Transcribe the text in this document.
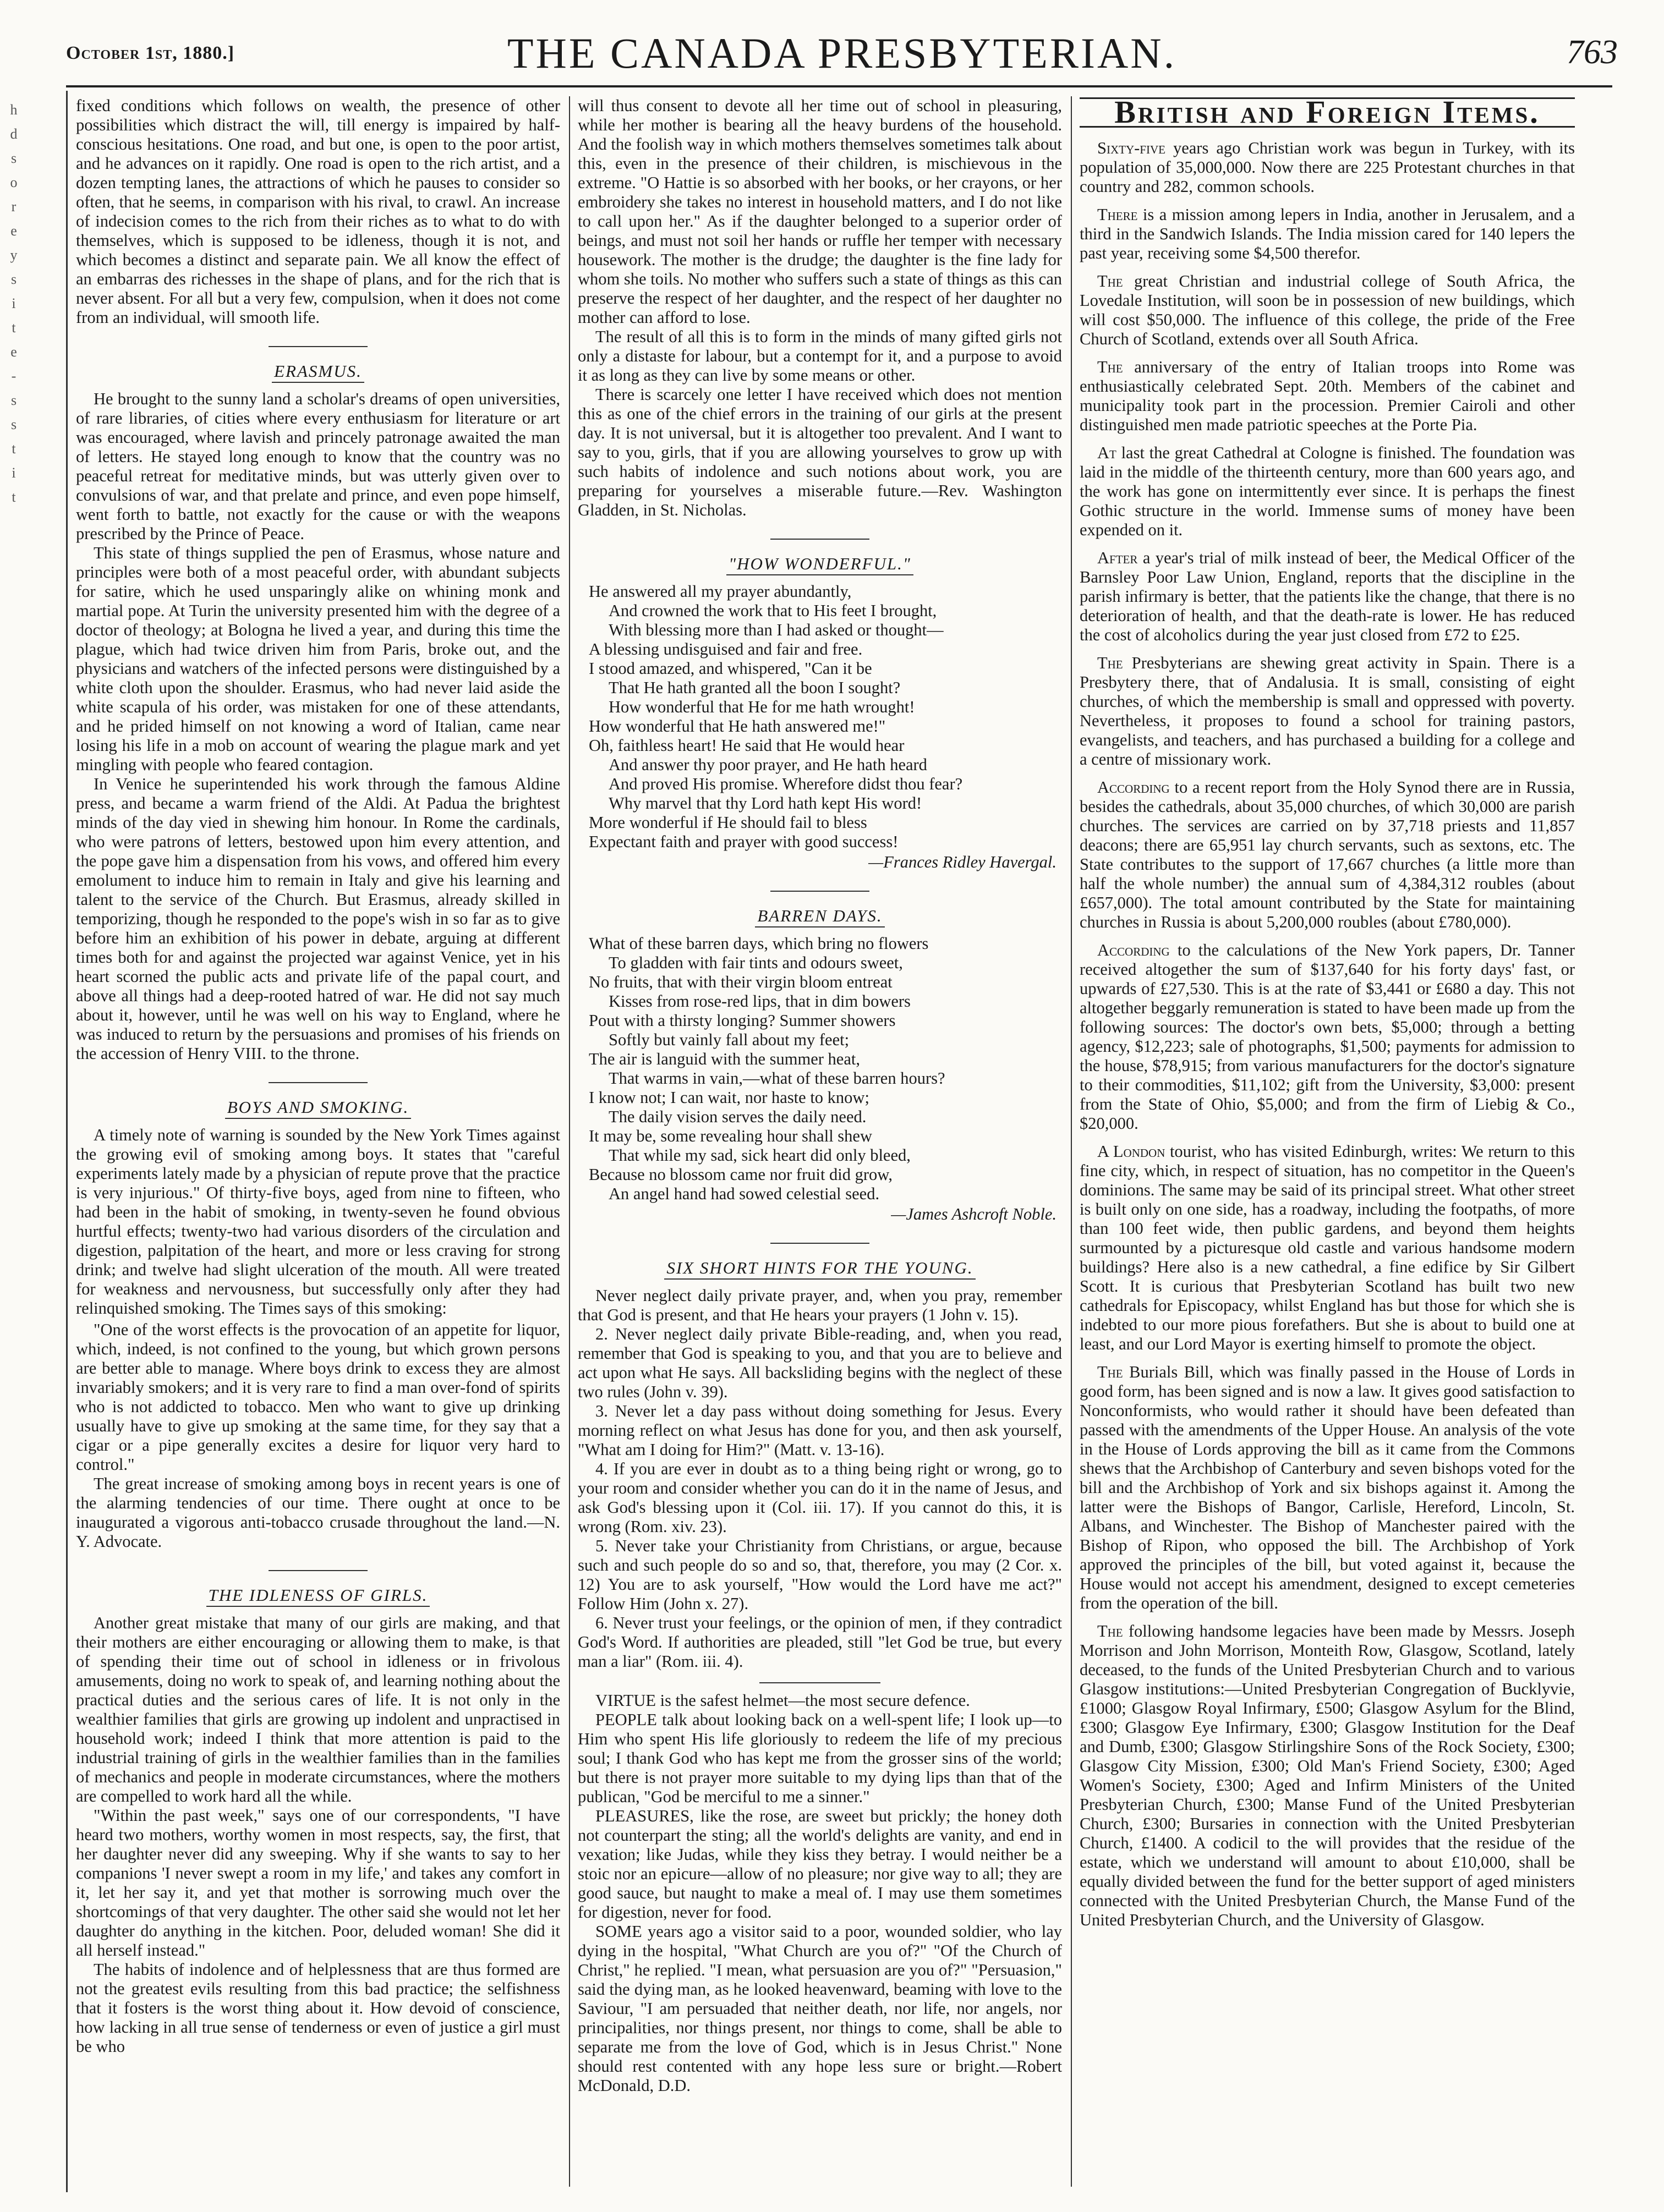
h
d
s
o
r
e
y
s
i
t
e
-
s
s
t
i
t
October 1st, 1880.]	THE CANADA PRESBYTERIAN.	763

fixed conditions which follows on wealth, the presence of other possibilities which distract the will, till energy is impaired by half-conscious hesitations. One road, and but one, is open to the poor artist, and he advances on it rapidly. One road is open to the rich artist, and a dozen tempting lanes, the attractions of which he pauses to consider so often, that he seems, in comparison with his rival, to crawl. An increase of indecision comes to the rich from their riches as to what to do with themselves, which is supposed to be idleness, though it is not, and which becomes a distinct and separate pain. We all know the effect of an embarras des richesses in the shape of plans, and for the rich that is never absent. For all but a very few, compulsion, when it does not come from an individual, will smooth life.

ERASMUS.

He brought to the sunny land a scholar's dreams of open universities, of rare libraries, of cities where every enthusiasm for literature or art was encouraged, where lavish and princely patronage awaited the man of letters. He stayed long enough to know that the country was no peaceful retreat for meditative minds, but was utterly given over to convulsions of war, and that prelate and prince, and even pope himself, went forth to battle, not exactly for the cause or with the weapons prescribed by the Prince of Peace.

This state of things supplied the pen of Erasmus, whose nature and principles were both of a most peaceful order, with abundant subjects for satire, which he used unsparingly alike on whining monk and martial pope. At Turin the university presented him with the degree of a doctor of theology; at Bologna he lived a year, and during this time the plague, which had twice driven him from Paris, broke out, and the physicians and watchers of the infected persons were distinguished by a white cloth upon the shoulder. Erasmus, who had never laid aside the white scapula of his order, was mistaken for one of these attendants, and he prided himself on not knowing a word of Italian, came near losing his life in a mob on account of wearing the plague mark and yet mingling with people who feared contagion.

In Venice he superintended his work through the famous Aldine press, and became a warm friend of the Aldi. At Padua the brightest minds of the day vied in shewing him honour. In Rome the cardinals, who were patrons of letters, bestowed upon him every attention, and the pope gave him a dispensation from his vows, and offered him every emolument to induce him to remain in Italy and give his learning and talent to the service of the Church. But Erasmus, already skilled in temporizing, though he responded to the pope's wish in so far as to give before him an exhibition of his power in debate, arguing at different times both for and against the projected war against Venice, yet in his heart scorned the public acts and private life of the papal court, and above all things had a deep-rooted hatred of war. He did not say much about it, however, until he was well on his way to England, where he was induced to return by the persuasions and promises of his friends on the accession of Henry VIII. to the throne.

BOYS AND SMOKING.

A timely note of warning is sounded by the New York Times against the growing evil of smoking among boys. It states that "careful experiments lately made by a physician of repute prove that the practice is very injurious." Of thirty-five boys, aged from nine to fifteen, who had been in the habit of smoking, in twenty-seven he found obvious hurtful effects; twenty-two had various disorders of the circulation and digestion, palpitation of the heart, and more or less craving for strong drink; and twelve had slight ulceration of the mouth. All were treated for weakness and nervousness, but successfully only after they had relinquished smoking. The Times says of this smoking:

"One of the worst effects is the provocation of an appetite for liquor, which, indeed, is not confined to the young, but which grown persons are better able to manage. Where boys drink to excess they are almost invariably smokers; and it is very rare to find a man over-fond of spirits who is not addicted to tobacco. Men who want to give up drinking usually have to give up smoking at the same time, for they say that a cigar or a pipe generally excites a desire for liquor very hard to control."

The great increase of smoking among boys in recent years is one of the alarming tendencies of our time. There ought at once to be inaugurated a vigorous anti-tobacco crusade throughout the land.—N. Y. Advocate.

THE IDLENESS OF GIRLS.

Another great mistake that many of our girls are making, and that their mothers are either encouraging or allowing them to make, is that of spending their time out of school in idleness or in frivolous amusements, doing no work to speak of, and learning nothing about the practical duties and the serious cares of life. It is not only in the wealthier families that girls are growing up indolent and unpractised in household work; indeed I think that more attention is paid to the industrial training of girls in the wealthier families than in the families of mechanics and people in moderate circumstances, where the mothers are compelled to work hard all the while.

"Within the past week," says one of our correspondents, "I have heard two mothers, worthy women in most respects, say, the first, that her daughter never did any sweeping. Why if she wants to say to her companions 'I never swept a room in my life,' and takes any comfort in it, let her say it, and yet that mother is sorrowing much over the shortcomings of that very daughter. The other said she would not let her daughter do anything in the kitchen. Poor, deluded woman! She did it all herself instead."

The habits of indolence and of helplessness that are thus formed are not the greatest evils resulting from this bad practice; the selfishness that it fosters is the worst thing about it. How devoid of conscience, how lacking in all true sense of tenderness or even of justice a girl must be who

will thus consent to devote all her time out of school in pleasuring, while her mother is bearing all the heavy burdens of the household. And the foolish way in which mothers themselves sometimes talk about this, even in the presence of their children, is mischievous in the extreme. "O Hattie is so absorbed with her books, or her crayons, or her embroidery she takes no interest in household matters, and I do not like to call upon her." As if the daughter belonged to a superior order of beings, and must not soil her hands or ruffle her temper with necessary housework. The mother is the drudge; the daughter is the fine lady for whom she toils. No mother who suffers such a state of things as this can preserve the respect of her daughter, and the respect of her daughter no mother can afford to lose.

The result of all this is to form in the minds of many gifted girls not only a distaste for labour, but a contempt for it, and a purpose to avoid it as long as they can live by some means or other.

There is scarcely one letter I have received which does not mention this as one of the chief errors in the training of our girls at the present day. It is not universal, but it is altogether too prevalent. And I want to say to you, girls, that if you are allowing yourselves to grow up with such habits of indolence and such notions about work, you are preparing for yourselves a miserable future.—Rev. Washington Gladden, in St. Nicholas.

"HOW WONDERFUL."
He answered all my prayer abundantly,
And crowned the work that to His feet I brought,
With blessing more than I had asked or thought—
A blessing undisguised and fair and free.
I stood amazed, and whispered, "Can it be
That He hath granted all the boon I sought?
How wonderful that He for me hath wrought!
How wonderful that He hath answered me!"
Oh, faithless heart! He said that He would hear
And answer thy poor prayer, and He hath heard
And proved His promise. Wherefore didst thou fear?
Why marvel that thy Lord hath kept His word!
More wonderful if He should fail to bless
Expectant faith and prayer with good success!

—Frances Ridley Havergal.

BARREN DAYS.
What of these barren days, which bring no flowers
To gladden with fair tints and odours sweet,
No fruits, that with their virgin bloom entreat
Kisses from rose-red lips, that in dim bowers
Pout with a thirsty longing? Summer showers
Softly but vainly fall about my feet;
The air is languid with the summer heat,
That warms in vain,—what of these barren hours?
I know not; I can wait, nor haste to know;
The daily vision serves the daily need.
It may be, some revealing hour shall shew
That while my sad, sick heart did only bleed,
Because no blossom came nor fruit did grow,
An angel hand had sowed celestial seed.

—James Ashcroft Noble.

SIX SHORT HINTS FOR THE YOUNG.

Never neglect daily private prayer, and, when you pray, remember that God is present, and that He hears your prayers (1 John v. 15).

2. Never neglect daily private Bible-reading, and, when you read, remember that God is speaking to you, and that you are to believe and act upon what He says. All backsliding begins with the neglect of these two rules (John v. 39).

3. Never let a day pass without doing something for Jesus. Every morning reflect on what Jesus has done for you, and then ask yourself, "What am I doing for Him?" (Matt. v. 13-16).

4. If you are ever in doubt as to a thing being right or wrong, go to your room and consider whether you can do it in the name of Jesus, and ask God's blessing upon it (Col. iii. 17). If you cannot do this, it is wrong (Rom. xiv. 23).

5. Never take your Christianity from Christians, or argue, because such and such people do so and so, that, therefore, you may (2 Cor. x. 12) You are to ask yourself, "How would the Lord have me act?" Follow Him (John x. 27).

6. Never trust your feelings, or the opinion of men, if they contradict God's Word. If authorities are pleaded, still "let God be true, but every man a liar" (Rom. iii. 4).

VIRTUE is the safest helmet—the most secure defence.

PEOPLE talk about looking back on a well-spent life; I look up—to Him who spent His life gloriously to redeem the life of my precious soul; I thank God who has kept me from the grosser sins of the world; but there is not prayer more suitable to my dying lips than that of the publican, "God be merciful to me a sinner."

PLEASURES, like the rose, are sweet but prickly; the honey doth not counterpart the sting; all the world's delights are vanity, and end in vexation; like Judas, while they kiss they betray. I would neither be a stoic nor an epicure—allow of no pleasure; nor give way to all; they are good sauce, but naught to make a meal of. I may use them sometimes for digestion, never for food.

SOME years ago a visitor said to a poor, wounded soldier, who lay dying in the hospital, "What Church are you of?" "Of the Church of Christ," he replied. "I mean, what persuasion are you of?" "Persuasion," said the dying man, as he looked heavenward, beaming with love to the Saviour, "I am persuaded that neither death, nor life, nor angels, nor principalities, nor things present, nor things to come, shall be able to separate me from the love of God, which is in Jesus Christ." None should rest contented with any hope less sure or bright.—Robert McDonald, D.D.

British and Foreign Items.

Sixty-five years ago Christian work was begun in Turkey, with its population of 35,000,000. Now there are 225 Protestant churches in that country and 282, common schools.

There is a mission among lepers in India, another in Jerusalem, and a third in the Sandwich Islands. The India mission cared for 140 lepers the past year, receiving some $4,500 therefor.

The great Christian and industrial college of South Africa, the Lovedale Institution, will soon be in possession of new buildings, which will cost $50,000. The influence of this college, the pride of the Free Church of Scotland, extends over all South Africa.

The anniversary of the entry of Italian troops into Rome was enthusiastically celebrated Sept. 20th. Members of the cabinet and municipality took part in the procession. Premier Cairoli and other distinguished men made patriotic speeches at the Porte Pia.

At last the great Cathedral at Cologne is finished. The foundation was laid in the middle of the thirteenth century, more than 600 years ago, and the work has gone on intermittently ever since. It is perhaps the finest Gothic structure in the world. Immense sums of money have been expended on it.

After a year's trial of milk instead of beer, the Medical Officer of the Barnsley Poor Law Union, England, reports that the discipline in the parish infirmary is better, that the patients like the change, that there is no deterioration of health, and that the death-rate is lower. He has reduced the cost of alcoholics during the year just closed from £72 to £25.

The Presbyterians are shewing great activity in Spain. There is a Presbytery there, that of Andalusia. It is small, consisting of eight churches, of which the membership is small and oppressed with poverty. Nevertheless, it proposes to found a school for training pastors, evangelists, and teachers, and has purchased a building for a college and a centre of missionary work.

According to a recent report from the Holy Synod there are in Russia, besides the cathedrals, about 35,000 churches, of which 30,000 are parish churches. The services are carried on by 37,718 priests and 11,857 deacons; there are 65,951 lay church servants, such as sextons, etc. The State contributes to the support of 17,667 churches (a little more than half the whole number) the annual sum of 4,384,312 roubles (about £657,000). The total amount contributed by the State for maintaining churches in Russia is about 5,200,000 roubles (about £780,000).

According to the calculations of the New York papers, Dr. Tanner received altogether the sum of $137,640 for his forty days' fast, or upwards of £27,530. This is at the rate of $3,441 or £680 a day. This not altogether beggarly remuneration is stated to have been made up from the following sources: The doctor's own bets, $5,000; through a betting agency, $12,223; sale of photographs, $1,500; payments for admission to the house, $78,915; from various manufacturers for the doctor's signature to their commodities, $11,102; gift from the University, $3,000: present from the State of Ohio, $5,000; and from the firm of Liebig & Co., $20,000.

A London tourist, who has visited Edinburgh, writes: We return to this fine city, which, in respect of situation, has no competitor in the Queen's dominions. The same may be said of its principal street. What other street is built only on one side, has a roadway, including the footpaths, of more than 100 feet wide, then public gardens, and beyond them heights surmounted by a picturesque old castle and various handsome modern buildings? Here also is a new cathedral, a fine edifice by Sir Gilbert Scott. It is curious that Presbyterian Scotland has built two new cathedrals for Episcopacy, whilst England has but those for which she is indebted to our more pious forefathers. But she is about to build one at least, and our Lord Mayor is exerting himself to promote the object.

The Burials Bill, which was finally passed in the House of Lords in good form, has been signed and is now a law. It gives good satisfaction to Nonconformists, who would rather it should have been defeated than passed with the amendments of the Upper House. An analysis of the vote in the House of Lords approving the bill as it came from the Commons shews that the Archbishop of Canterbury and seven bishops voted for the bill and the Archbishop of York and six bishops against it. Among the latter were the Bishops of Bangor, Carlisle, Hereford, Lincoln, St. Albans, and Winchester. The Bishop of Manchester paired with the Bishop of Ripon, who opposed the bill. The Archbishop of York approved the principles of the bill, but voted against it, because the House would not accept his amendment, designed to except cemeteries from the operation of the bill.

The following handsome legacies have been made by Messrs. Joseph Morrison and John Morrison, Monteith Row, Glasgow, Scotland, lately deceased, to the funds of the United Presbyterian Church and to various Glasgow institutions:—United Presbyterian Congregation of Bucklyvie, £1000; Glasgow Royal Infirmary, £500; Glasgow Asylum for the Blind, £300; Glasgow Eye Infirmary, £300; Glasgow Institution for the Deaf and Dumb, £300; Glasgow Stirlingshire Sons of the Rock Society, £300; Glasgow City Mission, £300; Old Man's Friend Society, £300; Aged Women's Society, £300; Aged and Infirm Ministers of the United Presbyterian Church, £300; Manse Fund of the United Presbyterian Church, £300; Bursaries in connection with the United Presbyterian Church, £1400. A codicil to the will provides that the residue of the estate, which we understand will amount to about £10,000, shall be equally divided between the fund for the better support of aged ministers connected with the United Presbyterian Church, the Manse Fund of the United Presbyterian Church, and the University of Glasgow.
